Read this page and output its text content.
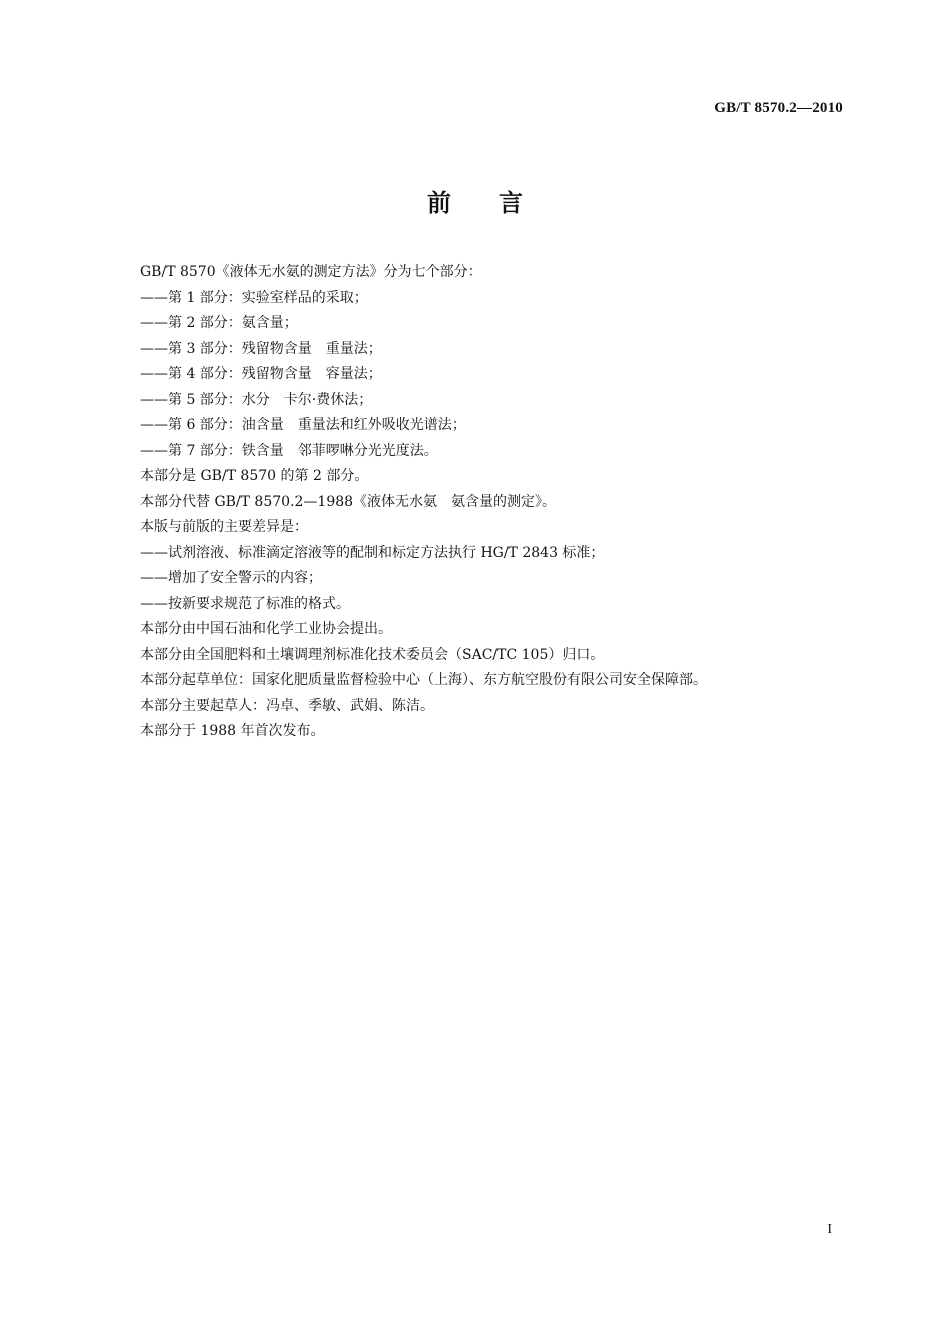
GB/T 8570.2—2010
前言
GB/T 8570《液体无水氨的测定方法》分为七个部分：
——第 1 部分：实验室样品的采取；
——第 2 部分：氨含量；
——第 3 部分：残留物含量　重量法；
——第 4 部分：残留物含量　容量法；
——第 5 部分：水分　卡尔·费休法；
——第 6 部分：油含量　重量法和红外吸收光谱法；
——第 7 部分：铁含量　邻菲啰啉分光光度法。
本部分是 GB/T 8570 的第 2 部分。
本部分代替 GB/T 8570.2—1988《液体无水氨　氨含量的测定》。
本版与前版的主要差异是：
——试剂溶液、标准滴定溶液等的配制和标定方法执行 HG/T 2843 标准；
——增加了安全警示的内容；
——按新要求规范了标准的格式。
本部分由中国石油和化学工业协会提出。
本部分由全国肥料和土壤调理剂标准化技术委员会（SAC/TC 105）归口。
本部分起草单位：国家化肥质量监督检验中心（上海）、东方航空股份有限公司安全保障部。
本部分主要起草人：冯卓、季敏、武娟、陈洁。
本部分于 1988 年首次发布。
I
